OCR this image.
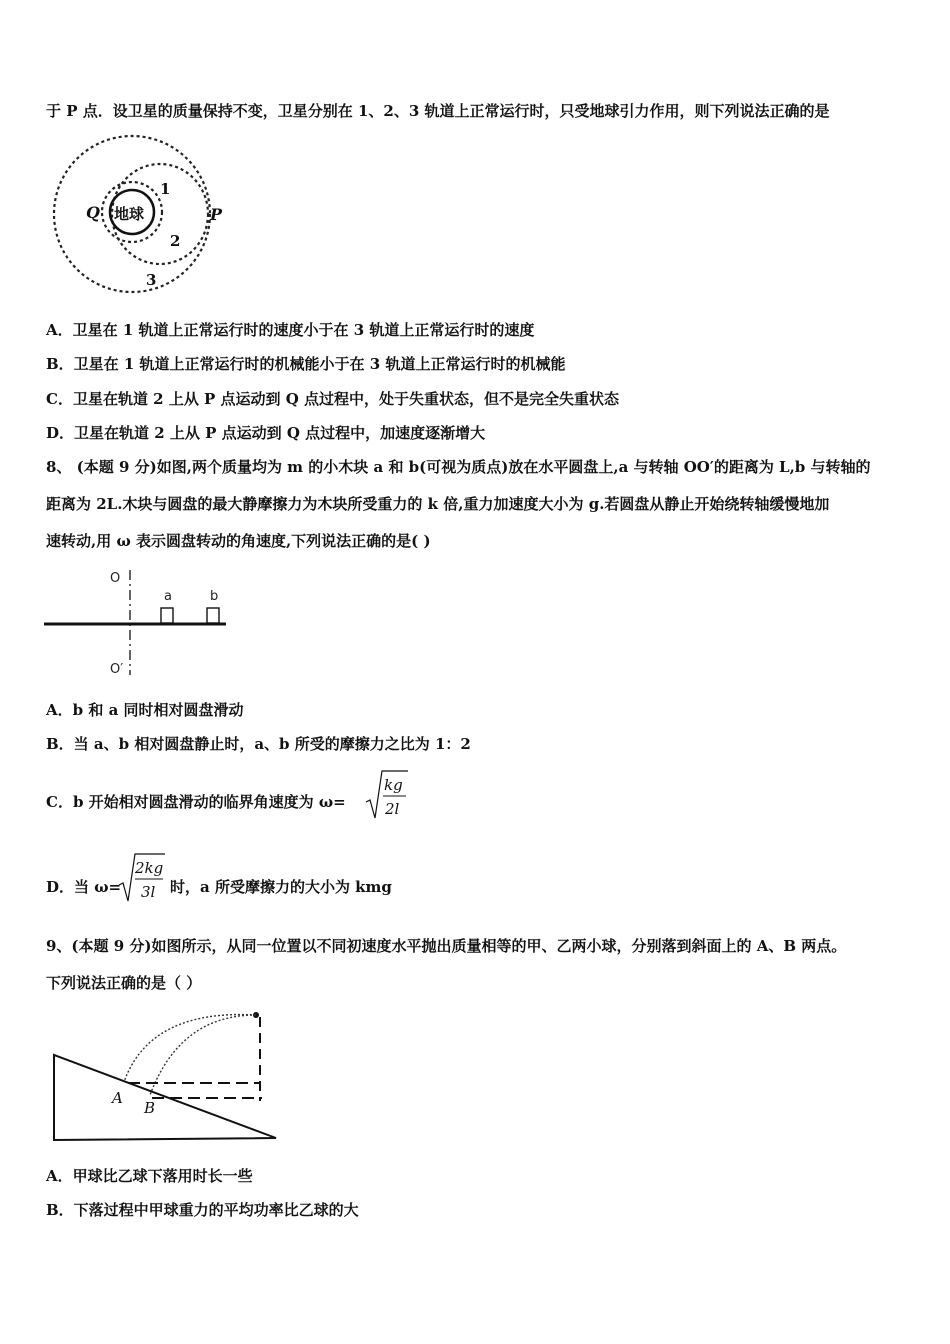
于 P 点．设卫星的质量保持不变，卫星分别在 1、2、3 轨道上正常运行时，只受地球引力作用，则下列说法正确的是
地球
Q	P
1
2
3
A．卫星在 1 轨道上正常运行时的速度小于在 3 轨道上正常运行时的速度
B．卫星在 1 轨道上正常运行时的机械能小于在 3 轨道上正常运行时的机械能
C．卫星在轨道 2 上从 P 点运动到 Q 点过程中，处于失重状态，但不是完全失重状态
D．卫星在轨道 2 上从 P 点运动到 Q 点过程中，加速度逐渐增大
8、 (本题 9 分)如图,两个质量均为 m 的小木块 a 和 b(可视为质点)放在水平圆盘上,a 与转轴 OO′的距离为 L,b 与转轴的
距离为 2L.木块与圆盘的最大静摩擦力为木块所受重力的 k 倍,重力加速度大小为 g.若圆盘从静止开始绕转轴缓慢地加
速转动,用 ω 表示圆盘转动的角速度,下列说法正确的是( )
O
O′
a	b
A．b 和 a 同时相对圆盘滑动
B．当 a、b 相对圆盘静止时，a、b 所受的摩擦力之比为 1：2
C．b 开始相对圆盘滑动的临界角速度为 ω=
kg
2l
D．当 ω=
2kg
3l 时，a 所受摩擦力的大小为 kmg
9、(本题 9 分)如图所示，从同一位置以不同初速度水平抛出质量相等的甲、乙两小球，分别落到斜面上的 A、B 两点。
下列说法正确的是（ ）
A
B
A．甲球比乙球下落用时长一些
B．下落过程中甲球重力的平均功率比乙球的大
